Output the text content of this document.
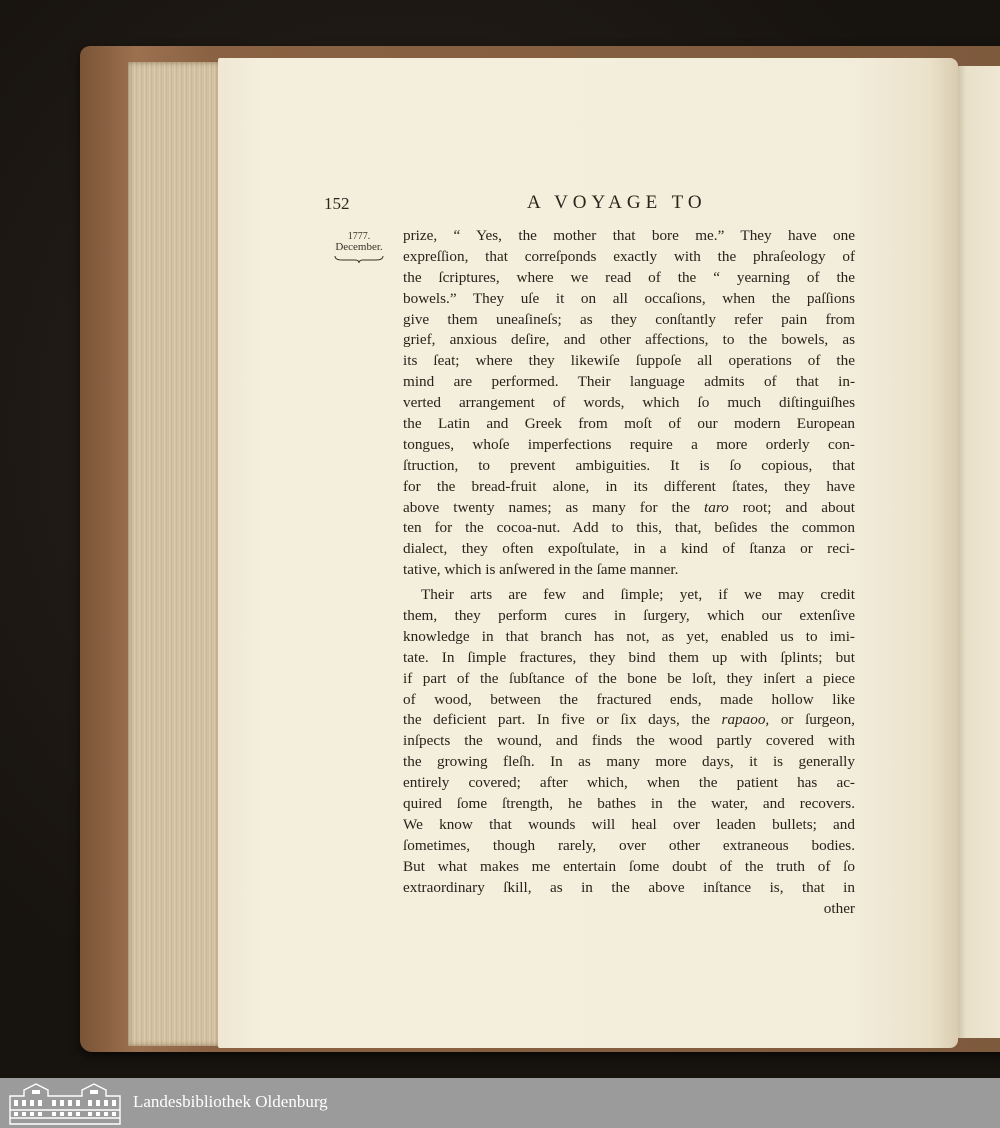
152	A VOYAGE TO
1777.
December.
prize, “ Yes, the mother that bore me.” They have one
expreſſion, that correſponds exactly with the phraſeology of
the ſcriptures, where we read of the “ yearning of the
bowels.” They uſe it on all occaſions, when the paſſions
give them uneaſineſs; as they conſtantly refer pain from
grief, anxious deſire, and other affections, to the bowels, as
its ſeat; where they likewiſe ſuppoſe all operations of the
mind are performed. Their language admits of that in-
verted arrangement of words, which ſo much diſtinguiſhes
the Latin and Greek from moſt of our modern European
tongues, whoſe imperfections require a more orderly con-
ſtruction, to prevent ambiguities. It is ſo copious, that
for the bread-fruit alone, in its different ſtates, they have
above twenty names; as many for the taro root; and about
ten for the cocoa-nut. Add to this, that, beſides the common
dialect, they often expoſtulate, in a kind of ſtanza or reci-
tative, which is anſwered in the ſame manner.
Their arts are few and ſimple; yet, if we may credit
them, they perform cures in ſurgery, which our extenſive
knowledge in that branch has not, as yet, enabled us to imi-
tate. In ſimple fractures, they bind them up with ſplints; but
if part of the ſubſtance of the bone be loſt, they inſert a piece
of wood, between the fractured ends, made hollow like
the deficient part. In five or ſix days, the rapaoo, or ſurgeon,
inſpects the wound, and finds the wood partly covered with
the growing fleſh. In as many more days, it is generally
entirely covered; after which, when the patient has ac-
quired ſome ſtrength, he bathes in the water, and recovers.
We know that wounds will heal over leaden bullets; and
ſometimes, though rarely, over other extraneous bodies.
But what makes me entertain ſome doubt of the truth of ſo
extraordinary ſkill, as in the above inſtance is, that in
other
Landesbibliothek Oldenburg
